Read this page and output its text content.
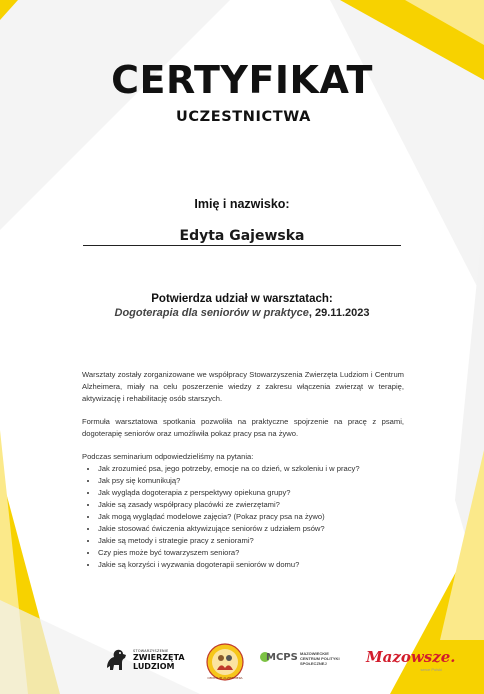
CERTYFIKAT
UCZESTNICTWA
Imię i nazwisko:
Edyta Gajewska
Potwierdza udział w warsztatach:
Dogoterapia dla seniorów w praktyce, 29.11.2023

Warsztaty zostały zorganizowane we współpracy Stowarzyszenia Zwierzęta Ludziom i Centrum Alzheimera, miały na celu poszerzenie wiedzy z zakresu włączenia zwierząt w terapię, aktywizację i rehabilitację osób starszych.

Formuła warsztatowa spotkania pozwoliła na praktyczne spojrzenie na pracę z psami, dogoterapię seniorów oraz umożliwiła pokaz pracy psa na żywo.

Podczas seminarium odpowiedzieliśmy na pytania:

• Jak zrozumieć psa, jego potrzeby, emocje na co dzień, w szkoleniu i w pracy?
• Jak psy się komunikują?
• Jak wygląda dogoterapia z perspektywy opiekuna grupy?
• Jakie są zasady współpracy placówki ze zwierzętami?
• Jak mogą wyglądać modelowe zajęcia? (Pokaz pracy psa na żywo)
• Jakie stosować ćwiczenia aktywizujące seniorów z udziałem psów?
• Jakie są metody i strategie pracy z seniorami?
• Czy pies może być towarzyszem seniora?
• Jakie są korzyści i wyzwania dogoterapii seniorów w domu?
STOWARZYSZENIE
ZWIERZĘTA
LUDZIOM
CENTRUM ALZHEIMERA
MCPS MAZOWIECKIE
CENTRUM POLITYKI
SPOŁECZNEJ	Mazowsze.
serce Polski
